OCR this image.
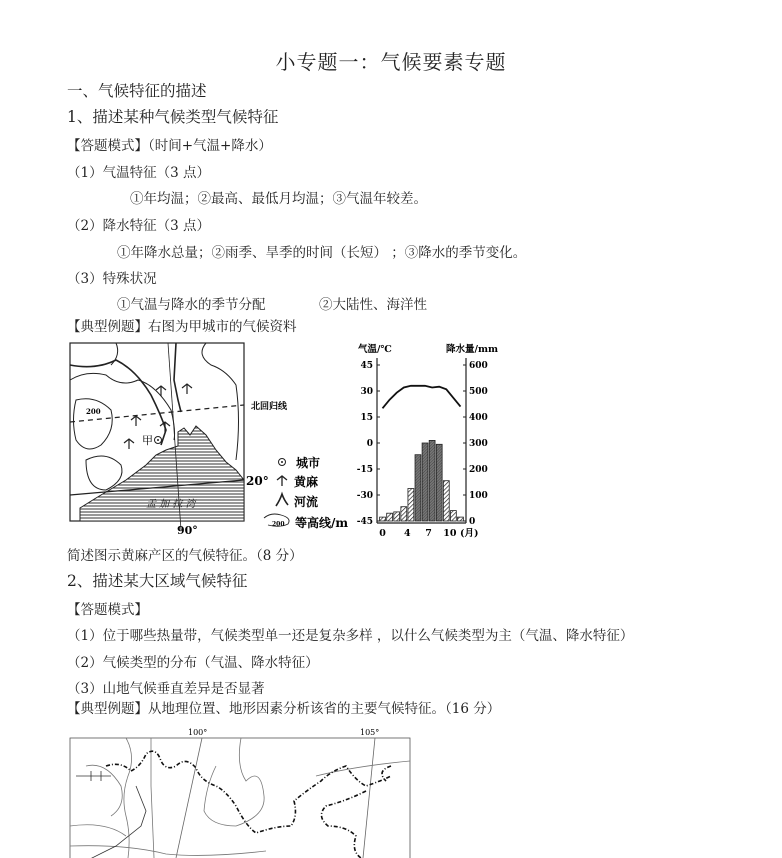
小专题一：气候要素专题
一、气候特征的描述
1、描述某种气候类型气候特征
【答题模式】（时间+气温+降水）
（1）气温特征（3 点）
①年均温；②最高、最低月均温；③气温年较差。
（2）降水特征（3 点）
①年降水总量；②雨季、旱季的时间（长短） ；③降水的季节变化。
（3）特殊状况
①气温与降水的季节分配	②大陆性、海洋性
【典型例题】右图为甲城市的气候资料
甲
200
孟 加 拉 湾
90°
20°
北回归线
城市
黄麻
河流
200 等高线/m
气温/℃	降水量/mm
45
30
15
0
-15
-30
-45
600
500
400
300
200
100
0
0 4 7 10 (月)
简述图示黄麻产区的气候特征。（8 分）
2、描述某大区域气候特征
【答题模式】
（1）位于哪些热量带，气候类型单一还是复杂多样 ，以什么气候类型为主（气温、降水特征）
（2）气候类型的分布（气温、降水特征）
（3）山地气候垂直差异是否显著
【典型例题】从地理位置、地形因素分析该省的主要气候特征。（16 分）
100°	105°
